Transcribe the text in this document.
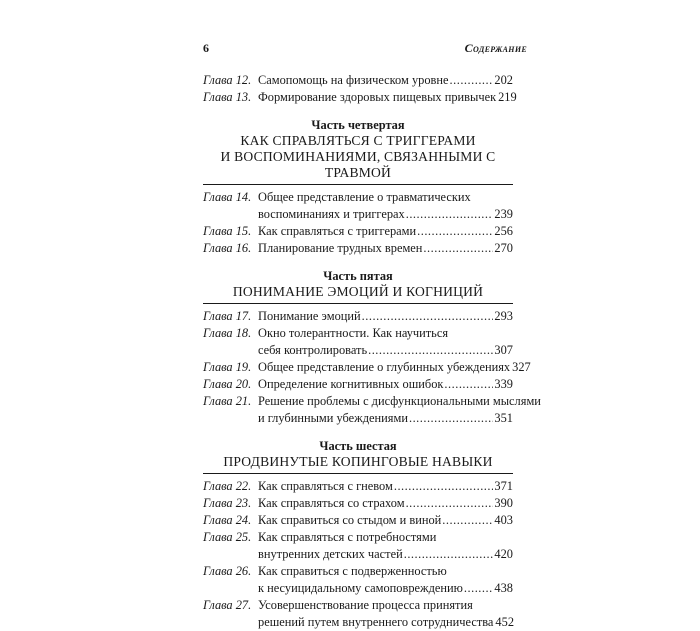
6	Содержание
Глава 12. Самопомощь на физическом уровне .....	202
Глава 13. Формирование здоровых пищевых привычек 219
Часть четвертая
КАК СПРАВЛЯТЬСЯ С ТРИГГЕРАМИ
И ВОСПОМИНАНИЯМИ, СВЯЗАННЫМИ С ТРАВМОЙ
Глава 14. Общее представление о травматических
воспоминаниях и триггерах .....	239
Глава 15. Как справляться с триггерами .....	256
Глава 16. Планирование трудных времен .....	270
Часть пятая
ПОНИМАНИЕ ЭМОЦИЙ И КОГНИЦИЙ
Глава 17. Понимание эмоций .....	293
Глава 18. Окно толерантности. Как научиться
себя контролировать .....	307
Глава 19. Общее представление о глубинных убеждениях 327
Глава 20. Определение когнитивных ошибок .....	339
Глава 21. Решение проблемы с дисфункциональными мыслями
и глубинными убеждениями .....	351
Часть шестая
ПРОДВИНУТЫЕ КОПИНГОВЫЕ НАВЫКИ
Глава 22. Как справляться с гневом .....	371
Глава 23. Как справляться со страхом .....	390
Глава 24. Как справиться со стыдом и виной .....	403
Глава 25. Как справляться с потребностями
внутренних детских частей .....	420
Глава 26. Как справиться с подверженностью
к несуицидальному самоповреждению .....	438
Глава 27. Усовершенствование процесса принятия
решений путем внутреннего сотрудничества 452
